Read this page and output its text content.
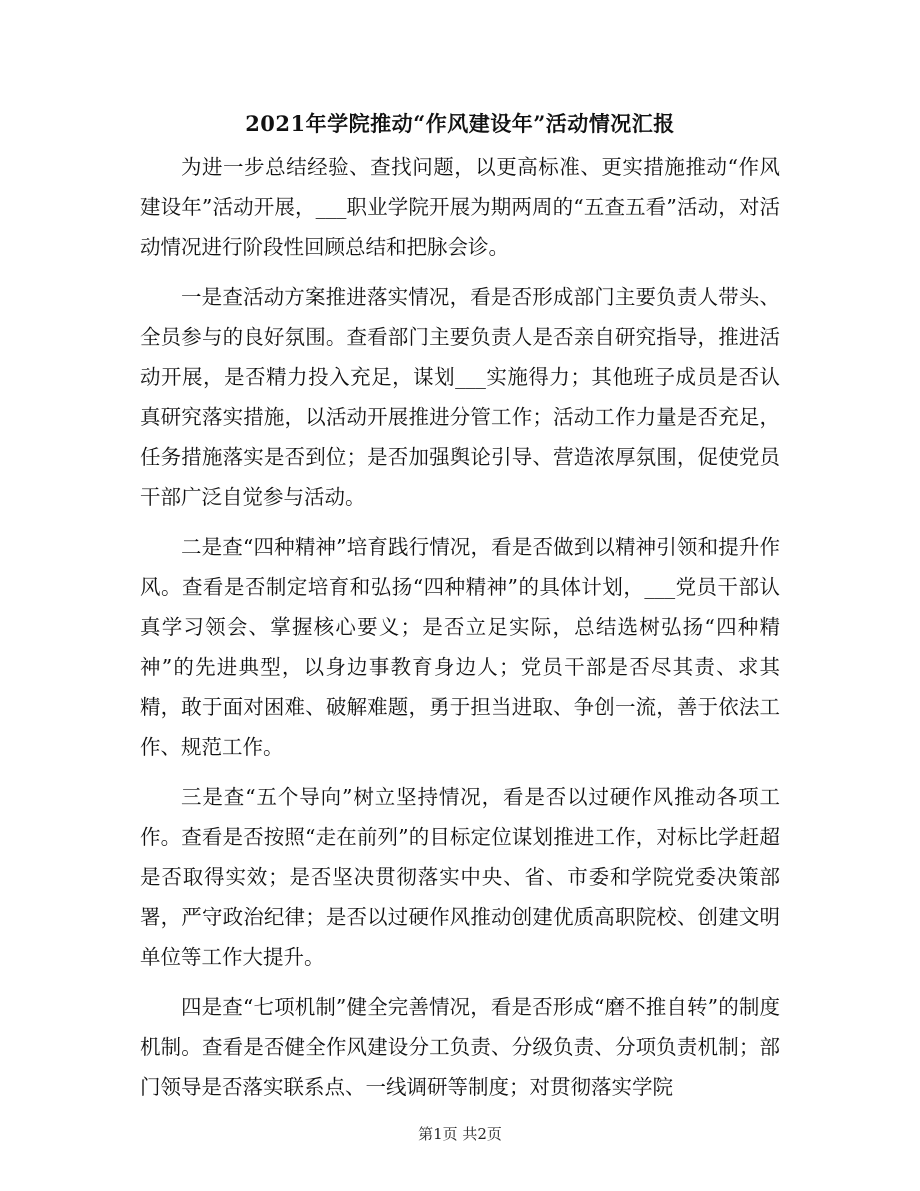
2021年学院推动“作风建设年”活动情况汇报

为进一步总结经验、查找问题，以更高标准、更实措施推动“作风建设年”活动开展，___职业学院开展为期两周的“五查五看”活动，对活动情况进行阶段性回顾总结和把脉会诊。

一是查活动方案推进落实情况，看是否形成部门主要负责人带头、全员参与的良好氛围。查看部门主要负责人是否亲自研究指导，推进活动开展，是否精力投入充足，谋划___实施得力；其他班子成员是否认真研究落实措施，以活动开展推进分管工作；活动工作力量是否充足，任务措施落实是否到位；是否加强舆论引导、营造浓厚氛围，促使党员干部广泛自觉参与活动。

二是查“四种精神”培育践行情况，看是否做到以精神引领和提升作风。查看是否制定培育和弘扬“四种精神”的具体计划，___党员干部认真学习领会、掌握核心要义；是否立足实际，总结选树弘扬“四种精神”的先进典型，以身边事教育身边人；党员干部是否尽其责、求其精，敢于面对困难、破解难题，勇于担当进取、争创一流，善于依法工作、规范工作。

三是查“五个导向”树立坚持情况，看是否以过硬作风推动各项工作。查看是否按照“走在前列”的目标定位谋划推进工作，对标比学赶超是否取得实效；是否坚决贯彻落实中央、省、市委和学院党委决策部署，严守政治纪律；是否以过硬作风推动创建优质高职院校、创建文明单位等工作大提升。

四是查“七项机制”健全完善情况，看是否形成“磨不推自转”的制度机制。查看是否健全作风建设分工负责、分级负责、分项负责机制；部门领导是否落实联系点、一线调研等制度；对贯彻落实学院

第1页 共2页
